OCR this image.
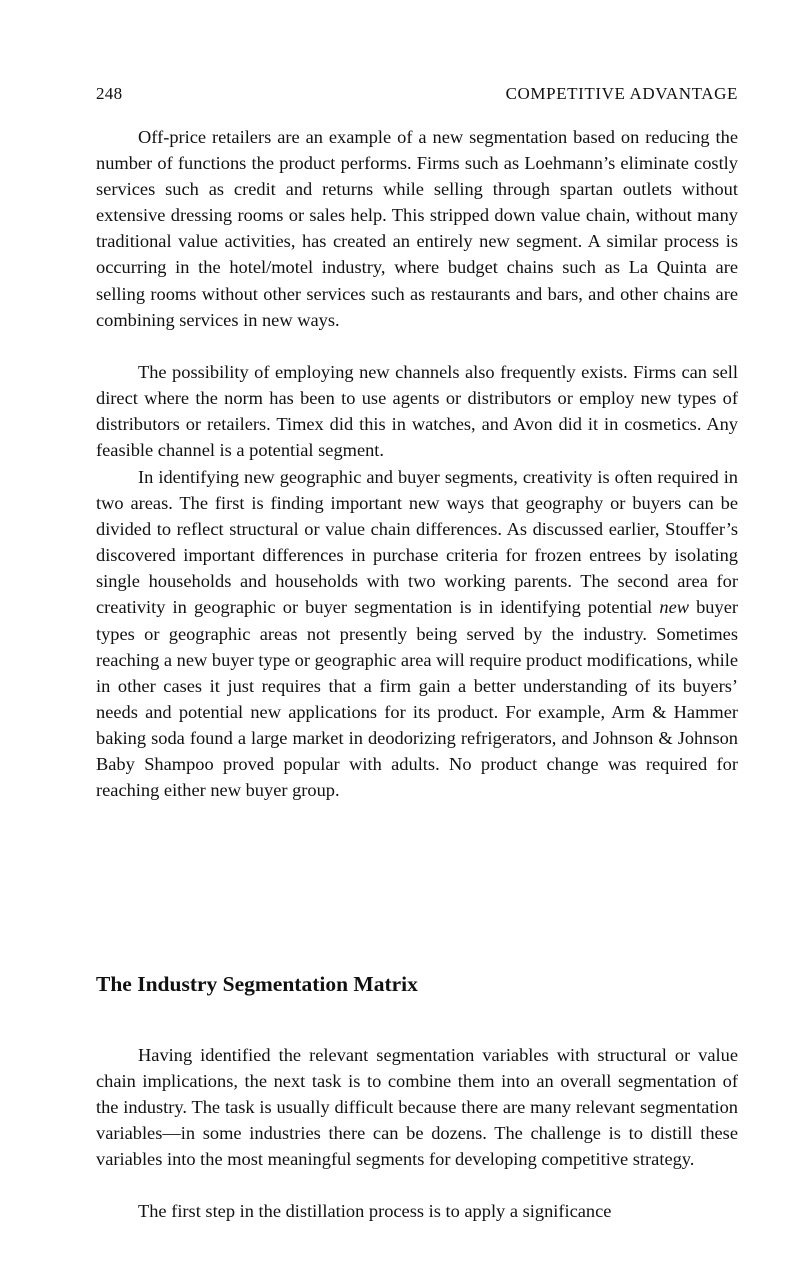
248	COMPETITIVE ADVANTAGE

Off-price retailers are an example of a new segmentation based on reducing the number of functions the product performs. Firms such as Loehmann’s eliminate costly services such as credit and returns while selling through spartan outlets without extensive dressing rooms or sales help. This stripped down value chain, without many traditional value activities, has created an entirely new segment. A similar process is occurring in the hotel/motel industry, where budget chains such as La Quinta are selling rooms without other services such as restaurants and bars, and other chains are combining services in new ways.

The possibility of employing new channels also frequently exists. Firms can sell direct where the norm has been to use agents or distributors or employ new types of distributors or retailers. Timex did this in watches, and Avon did it in cosmetics. Any feasible channel is a potential segment.

In identifying new geographic and buyer segments, creativity is often required in two areas. The first is finding important new ways that geography or buyers can be divided to reflect structural or value chain differences. As discussed earlier, Stouffer’s discovered important differences in purchase criteria for frozen entrees by isolating single households and households with two working parents. The second area for creativity in geographic or buyer segmentation is in identifying potential new buyer types or geographic areas not presently being served by the industry. Sometimes reaching a new buyer type or geographic area will require product modifications, while in other cases it just requires that a firm gain a better understanding of its buyers’ needs and potential new applications for its product. For example, Arm & Hammer baking soda found a large market in deodorizing refrigerators, and Johnson & Johnson Baby Shampoo proved popular with adults. No product change was required for reaching either new buyer group.

The Industry Segmentation Matrix

Having identified the relevant segmentation variables with structural or value chain implications, the next task is to combine them into an overall segmentation of the industry. The task is usually difficult because there are many relevant segmentation variables—in some industries there can be dozens. The challenge is to distill these variables into the most meaningful segments for developing competitive strategy.

The first step in the distillation process is to apply a significance
